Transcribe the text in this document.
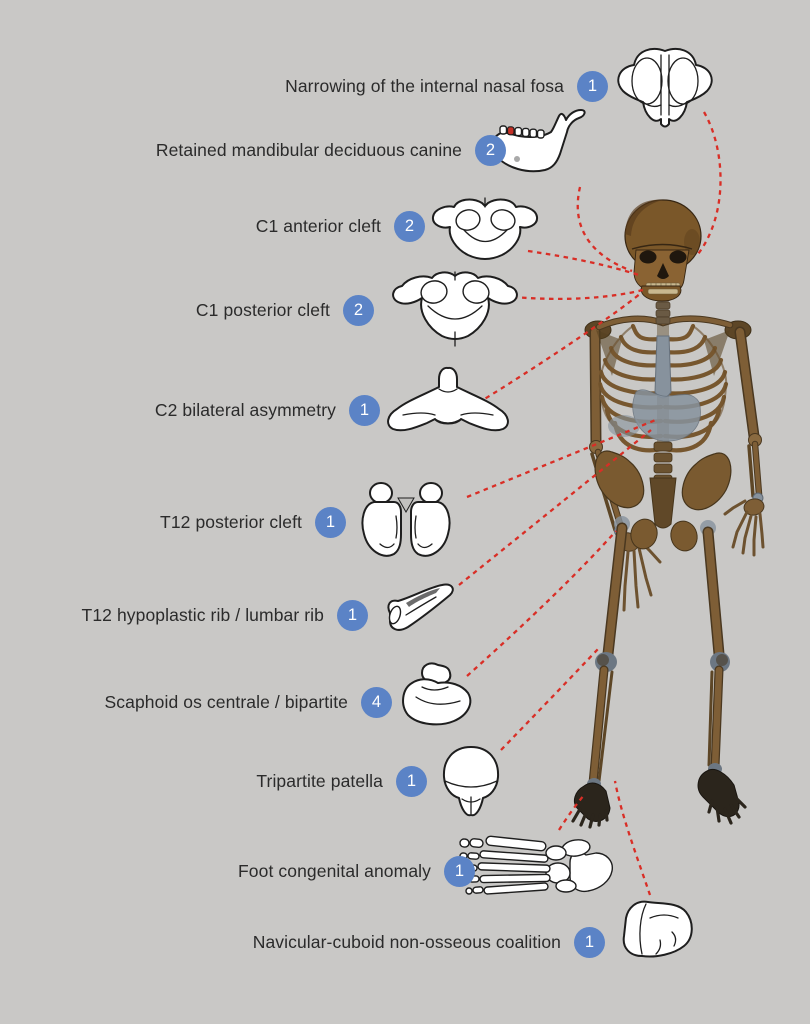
Narrowing of the internal nasal fosa	1
Retained mandibular deciduous canine	2
C1 anterior cleft	2
C1 posterior cleft	2
C2 bilateral asymmetry	1
T12 posterior cleft	1
T12 hypoplastic rib / lumbar rib	1
Scaphoid os centrale / bipartite	4
Tripartite patella	1
Foot congenital anomaly	1
Navicular-cuboid non-osseous coalition	1
